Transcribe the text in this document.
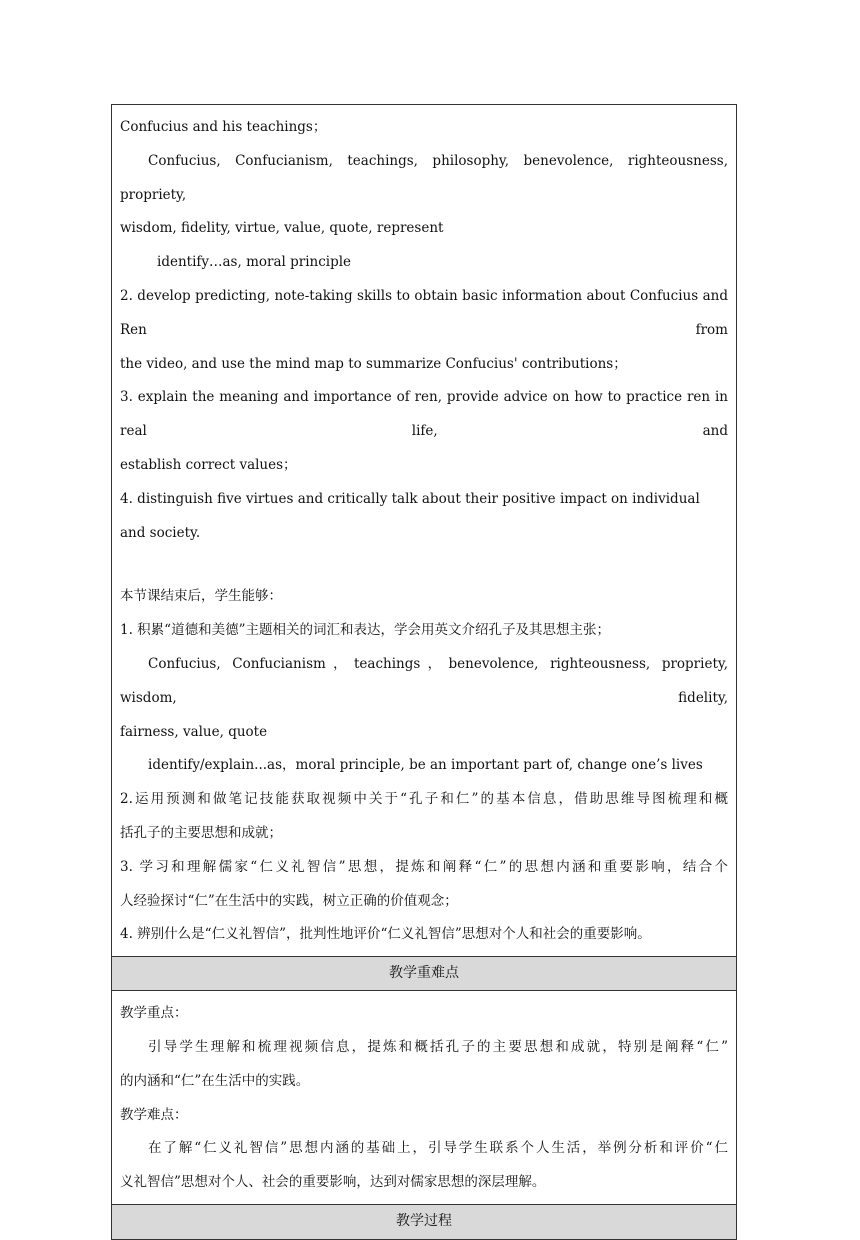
Confucius and his teachings；

Confucius, Confucianism, teachings, philosophy, benevolence, righteousness, propriety,

wisdom, fidelity, virtue, value, quote, represent

identify…as, moral principle

2. develop predicting, note-taking skills to obtain basic information about Confucius and Ren from

the video, and use the mind map to summarize Confucius' contributions；

3. explain the meaning and importance of ren, provide advice on how to practice ren in real life, and

establish correct values；

4. distinguish five virtues and critically talk about their positive impact on individual and society.

本节课结束后，学生能够：

1. 积累“道德和美德”主题相关的词汇和表达，学会用英文介绍孔子及其思想主张；

Confucius, Confucianism，teachings，benevolence, righteousness, propriety, wisdom, fidelity,

fairness, value, quote

identify/explain...as，moral principle, be an important part of, change one’s lives

2.运用预测和做笔记技能获取视频中关于“孔子和仁”的基本信息，借助思维导图梳理和概

括孔子的主要思想和成就；

3. 学习和理解儒家“仁义礼智信”思想，提炼和阐释“仁”的思想内涵和重要影响，结合个

人经验探讨“仁”在生活中的实践，树立正确的价值观念；

4. 辨别什么是“仁义礼智信”，批判性地评价“仁义礼智信”思想对个人和社会的重要影响。

教学重难点

教学重点：

引导学生理解和梳理视频信息，提炼和概括孔子的主要思想和成就，特别是阐释“仁”

的内涵和“仁”在生活中的实践。

教学难点：

在了解“仁义礼智信”思想内涵的基础上，引导学生联系个人生活，举例分析和评价“仁

义礼智信”思想对个人、社会的重要影响，达到对儒家思想的深层理解。

教学过程
